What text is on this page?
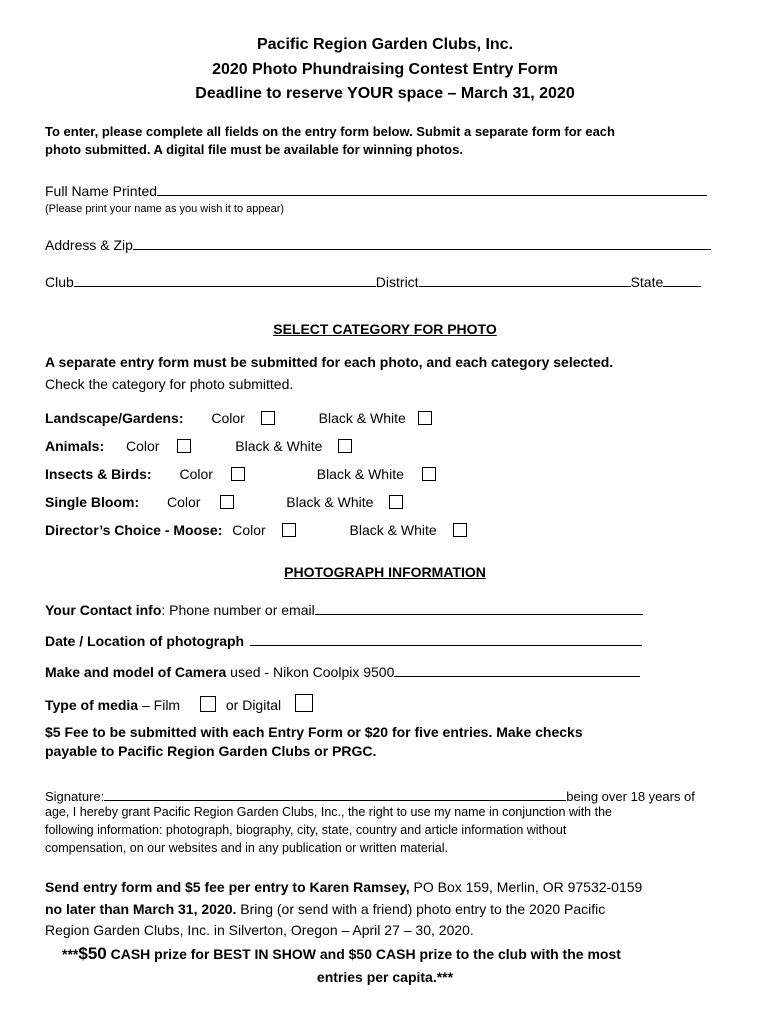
Pacific Region Garden Clubs, Inc.
2020 Photo Phundraising Contest Entry Form
Deadline to reserve YOUR space – March 31, 2020
To enter, please complete all fields on the entry form below. Submit a separate form for each
photo submitted. A digital file must be available for winning photos.
Full Name Printed
(Please print your name as you wish it to appear)
Address & Zip
Club	District	State
SELECT CATEGORY FOR PHOTO
A separate entry form must be submitted for each photo, and each category selected.
Check the category for photo submitted.
Landscape/Gardens: Color	Black & White
Animals: Color	Black & White
Insects & Birds: Color	Black & White
Single Bloom: Color	Black & White
Director’s Choice - Moose: Color	Black & White
PHOTOGRAPH INFORMATION
Your Contact info: Phone number or email
Date / Location of photograph
Make and model of Camera used - Nikon Coolpix 9500
Type of media – Film	or Digital
$5 Fee to be submitted with each Entry Form or $20 for five entries. Make checks
payable to Pacific Region Garden Clubs or PRGC.
Signature:	being over 18 years of
age, I hereby grant Pacific Region Garden Clubs, Inc., the right to use my name in conjunction with the
following information: photograph, biography, city, state, country and article information without
compensation, on our websites and in any publication or written material.
Send entry form and $5 fee per entry to Karen Ramsey, PO Box 159, Merlin, OR 97532-0159
no later than March 31, 2020. Bring (or send with a friend) photo entry to the 2020 Pacific
Region Garden Clubs, Inc. in Silverton, Oregon – April 27 – 30, 2020.
***$50 CASH prize for BEST IN SHOW and $50 CASH prize to the club with the most
entries per capita.***
